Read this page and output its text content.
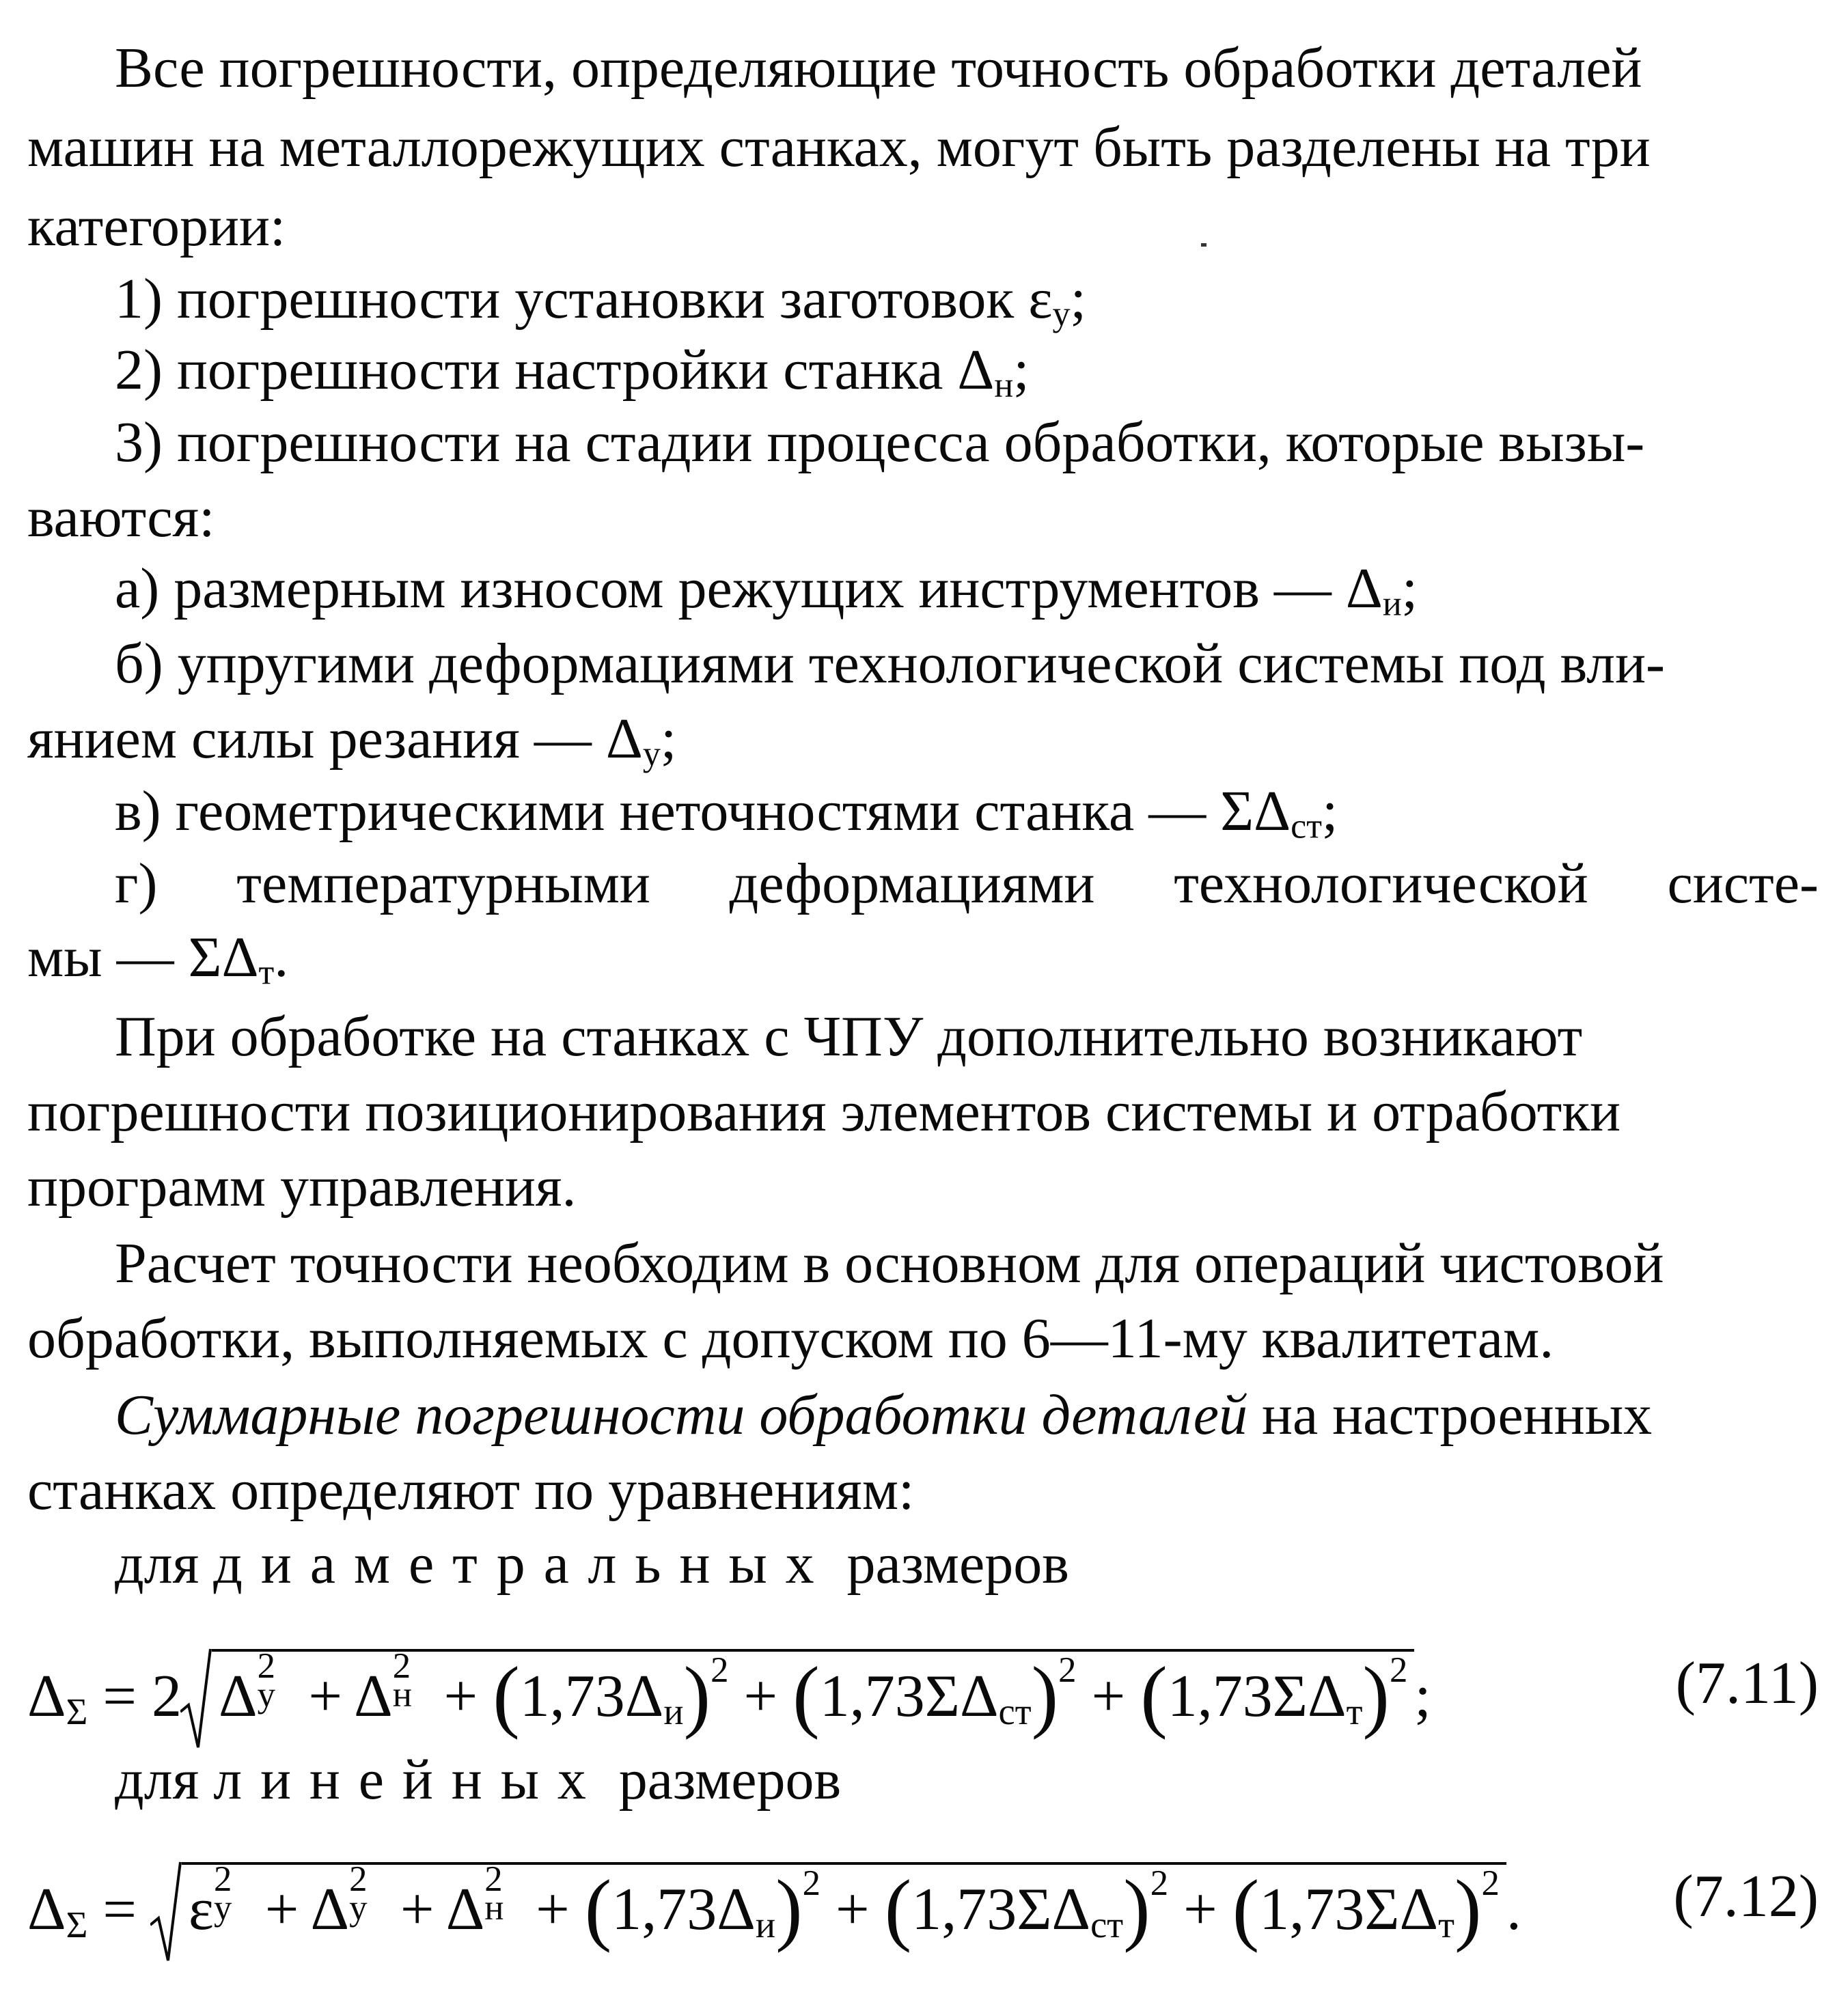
Все погрешности, определяющие точность обработки деталей
машин на металлорежущих станках, могут быть разделены на три
категории:
1) погрешности установки заготовок $\varepsilon_у$;
2) погрешности настройки станка $\Delta_н$;
3) погрешности на стадии процесса обработки, которые вызы-
ваются:
а) размерным износом режущих инструментов — $\Delta_и$;
б) упругими деформациями технологической системы под вли-
янием силы резания — $\Delta_у$;
в) геометрическими неточностями станка — $\Sigma\Delta_{ст}$;
г) температурными деформациями технологической систе-
мы — $\Sigma\Delta_т$.
При обработке на станках с ЧПУ дополнительно возникают
погрешности позиционирования элементов системы и отработки
программ управления.
Расчет точности необходим в основном для операций чистовой
обработки, выполняемых с допуском по 6—11-му квалитетам.
Суммарные погрешности обработки деталей на настроенных
станках определяют по уравнениям:
для диаметральных размеров
$\Delta_\Sigma = 2$ Δ 2
у + Δ 2
$н + (1,73\Delta_и)^2 + (1,73\Sigma\Delta_{ст})^2 + (1,73\Sigma\Delta_т)^2$ ;	(7.11)
для линейных размеров
$\Delta_\Sigma$ =
ε 2
у + Δ 2
у + Δ 2
$н + (1,73\Delta_и)^2 + (1,73\Sigma\Delta_{ст})^2 + (1,73\Sigma\Delta_т)^2$ .	(7.12)
